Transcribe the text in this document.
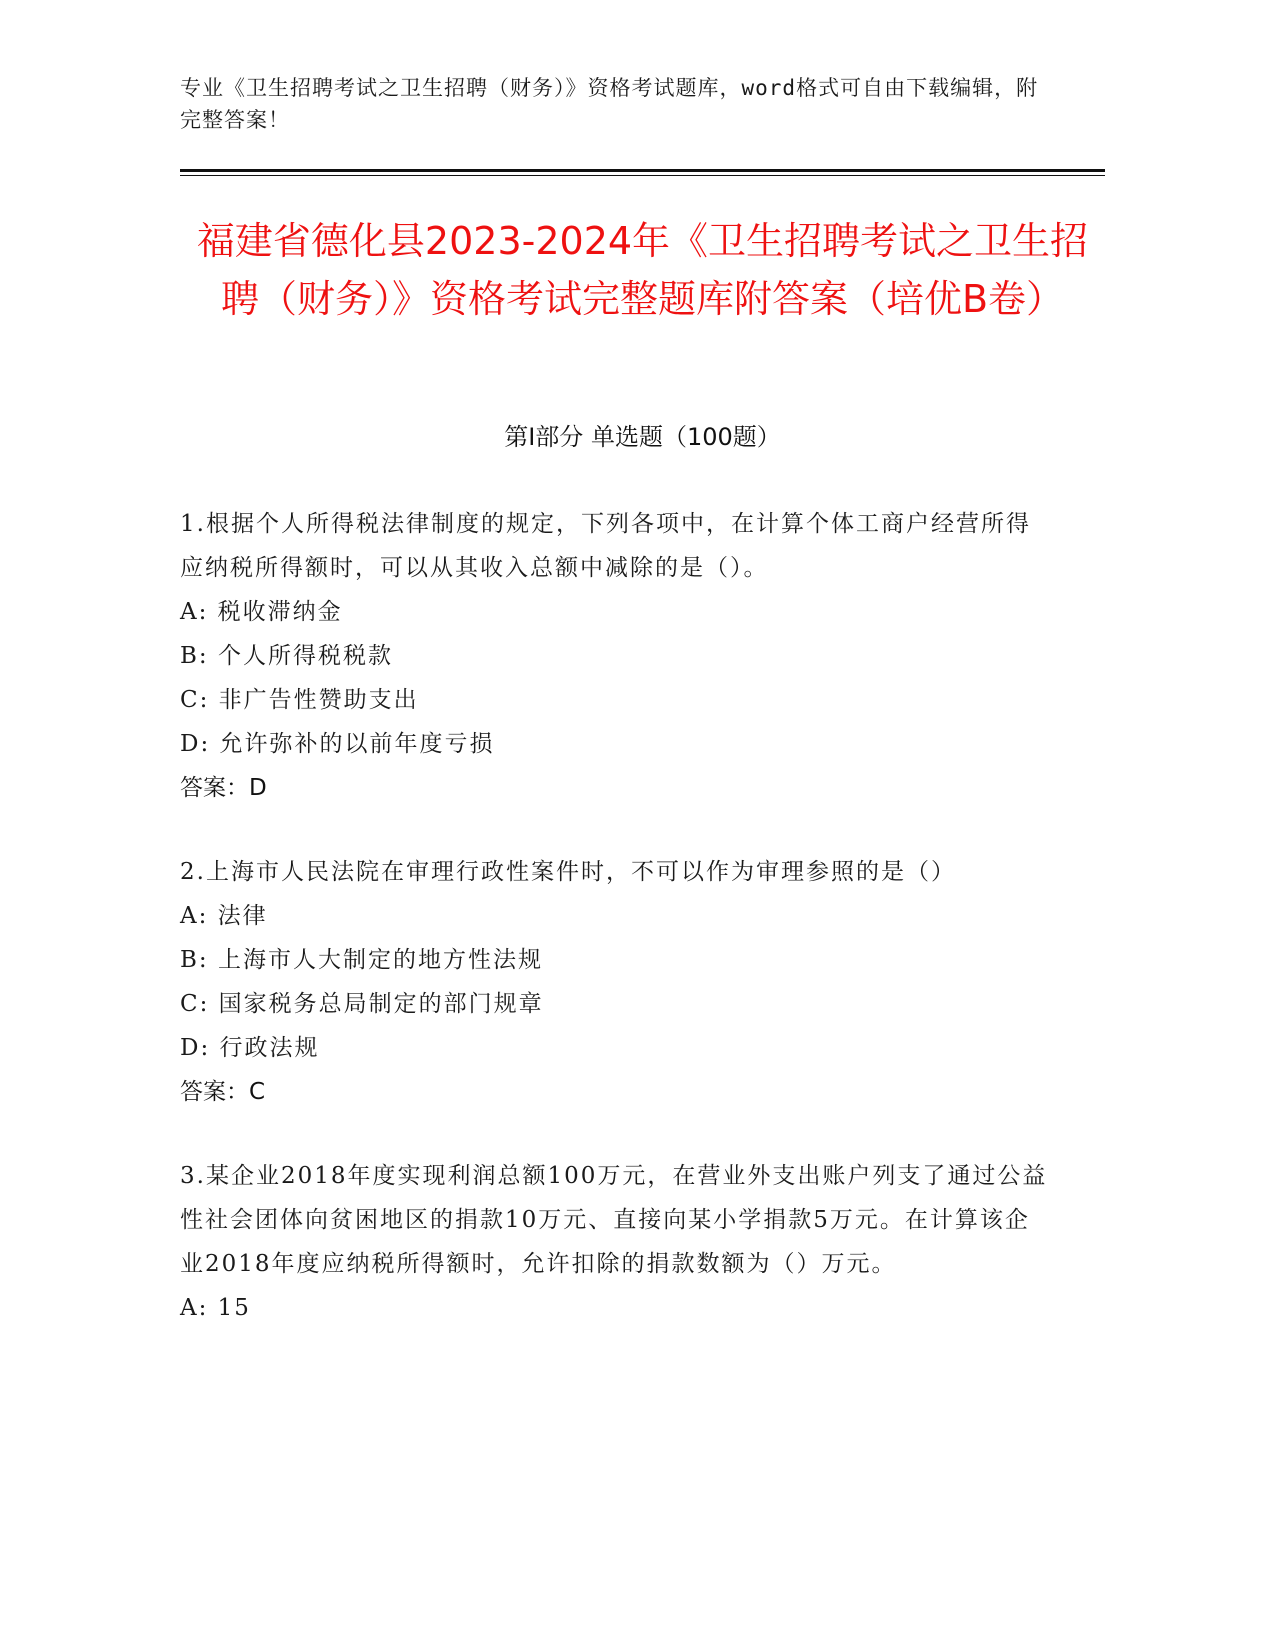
专业《卫生招聘考试之卫生招聘（财务）》资格考试题库，word格式可自由下载编辑，附完整答案！
福建省德化县2023-2024年《卫生招聘考试之卫生招聘（财务）》资格考试完整题库附答案（培优B卷）
第Ⅰ部分 单选题（100题）
1.根据个人所得税法律制度的规定，下列各项中，在计算个体工商户经营所得应纳税所得额时，可以从其收入总额中减除的是（）。
A: 税收滞纳金
B: 个人所得税税款
C: 非广告性赞助支出
D: 允许弥补的以前年度亏损
答案：D
2.上海市人民法院在审理行政性案件时，不可以作为审理参照的是（）
A: 法律
B: 上海市人大制定的地方性法规
C: 国家税务总局制定的部门规章
D: 行政法规
答案：C
3.某企业2018年度实现利润总额100万元，在营业外支出账户列支了通过公益性社会团体向贫困地区的捐款10万元、直接向某小学捐款5万元。在计算该企业2018年度应纳税所得额时，允许扣除的捐款数额为（）万元。
A: 15
